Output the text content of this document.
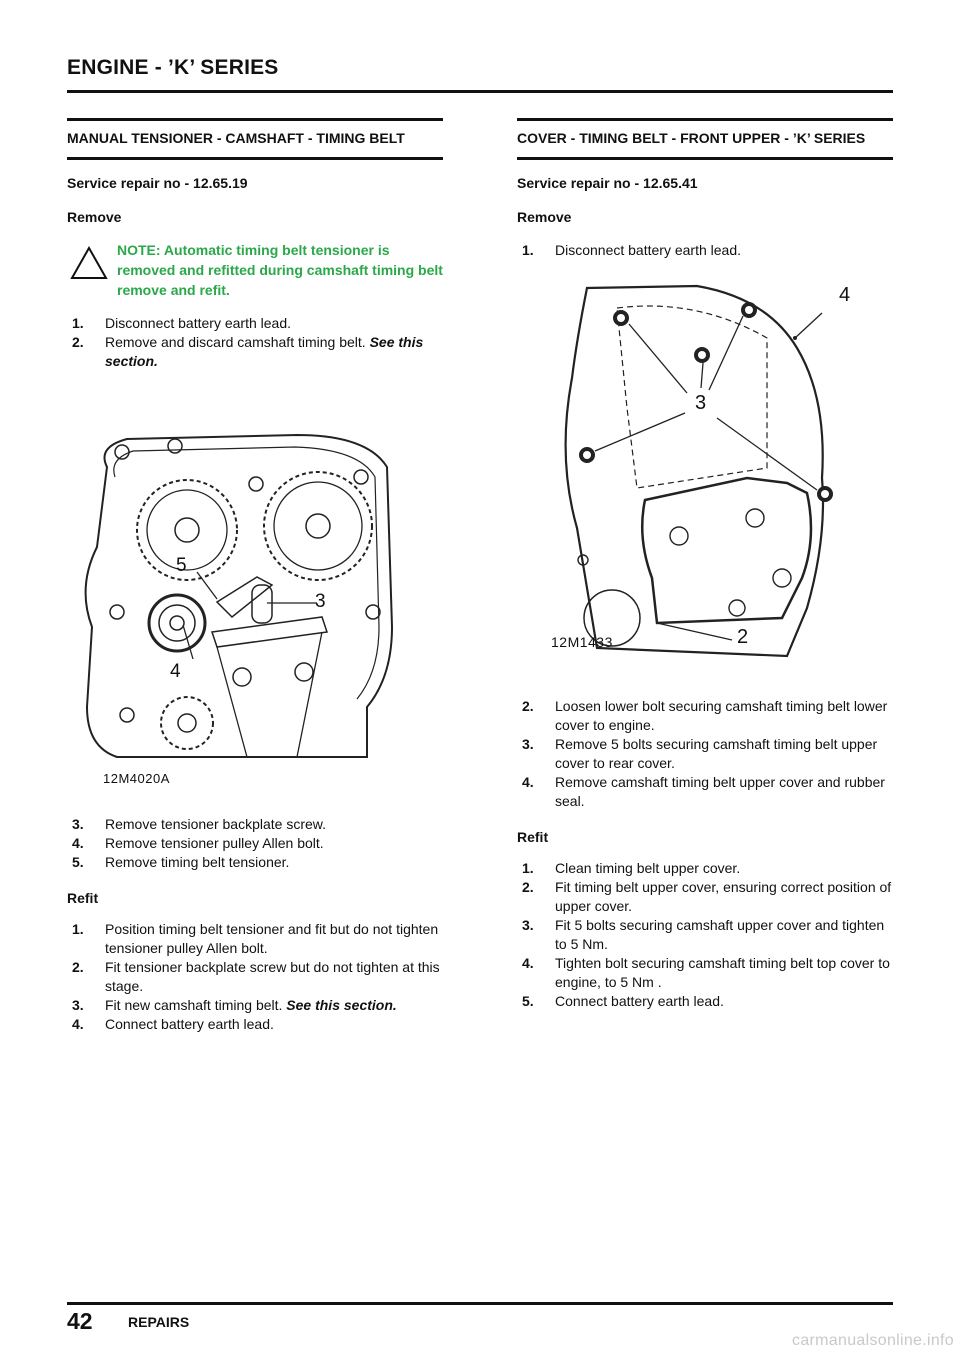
ENGINE - ’K’ SERIES
MANUAL TENSIONER - CAMSHAFT - TIMING BELT
Service repair no - 12.65.19
Remove
NOTE: Automatic timing belt tensioner is removed and refitted during camshaft timing belt remove and refit.
1. Disconnect battery earth lead.
2. Remove and discard camshaft timing belt. See this section.
5
3
4
12M4020A
3. Remove tensioner backplate screw.
4. Remove tensioner pulley Allen bolt.
5. Remove timing belt tensioner.
Refit
1. Position timing belt tensioner and fit but do not tighten tensioner pulley Allen bolt.
2. Fit tensioner backplate screw but do not tighten at this stage.
3. Fit new camshaft timing belt. See this section.
4. Connect battery earth lead.
COVER - TIMING BELT - FRONT UPPER - ’K’ SERIES
Service repair no - 12.65.41
Remove
1. Disconnect battery earth lead.
4
3
2
12M1433
2. Loosen lower bolt securing camshaft timing belt lower cover to engine.
3. Remove 5 bolts securing camshaft timing belt upper cover to rear cover.
4. Remove camshaft timing belt upper cover and rubber seal.
Refit
1. Clean timing belt upper cover.
2. Fit timing belt upper cover, ensuring correct position of upper cover.
3. Fit 5 bolts securing camshaft upper cover and tighten to 5 Nm.
4. Tighten bolt securing camshaft timing belt top cover to engine, to 5 Nm .
5. Connect battery earth lead.
42	REPAIRS
carmanualsonline.info
